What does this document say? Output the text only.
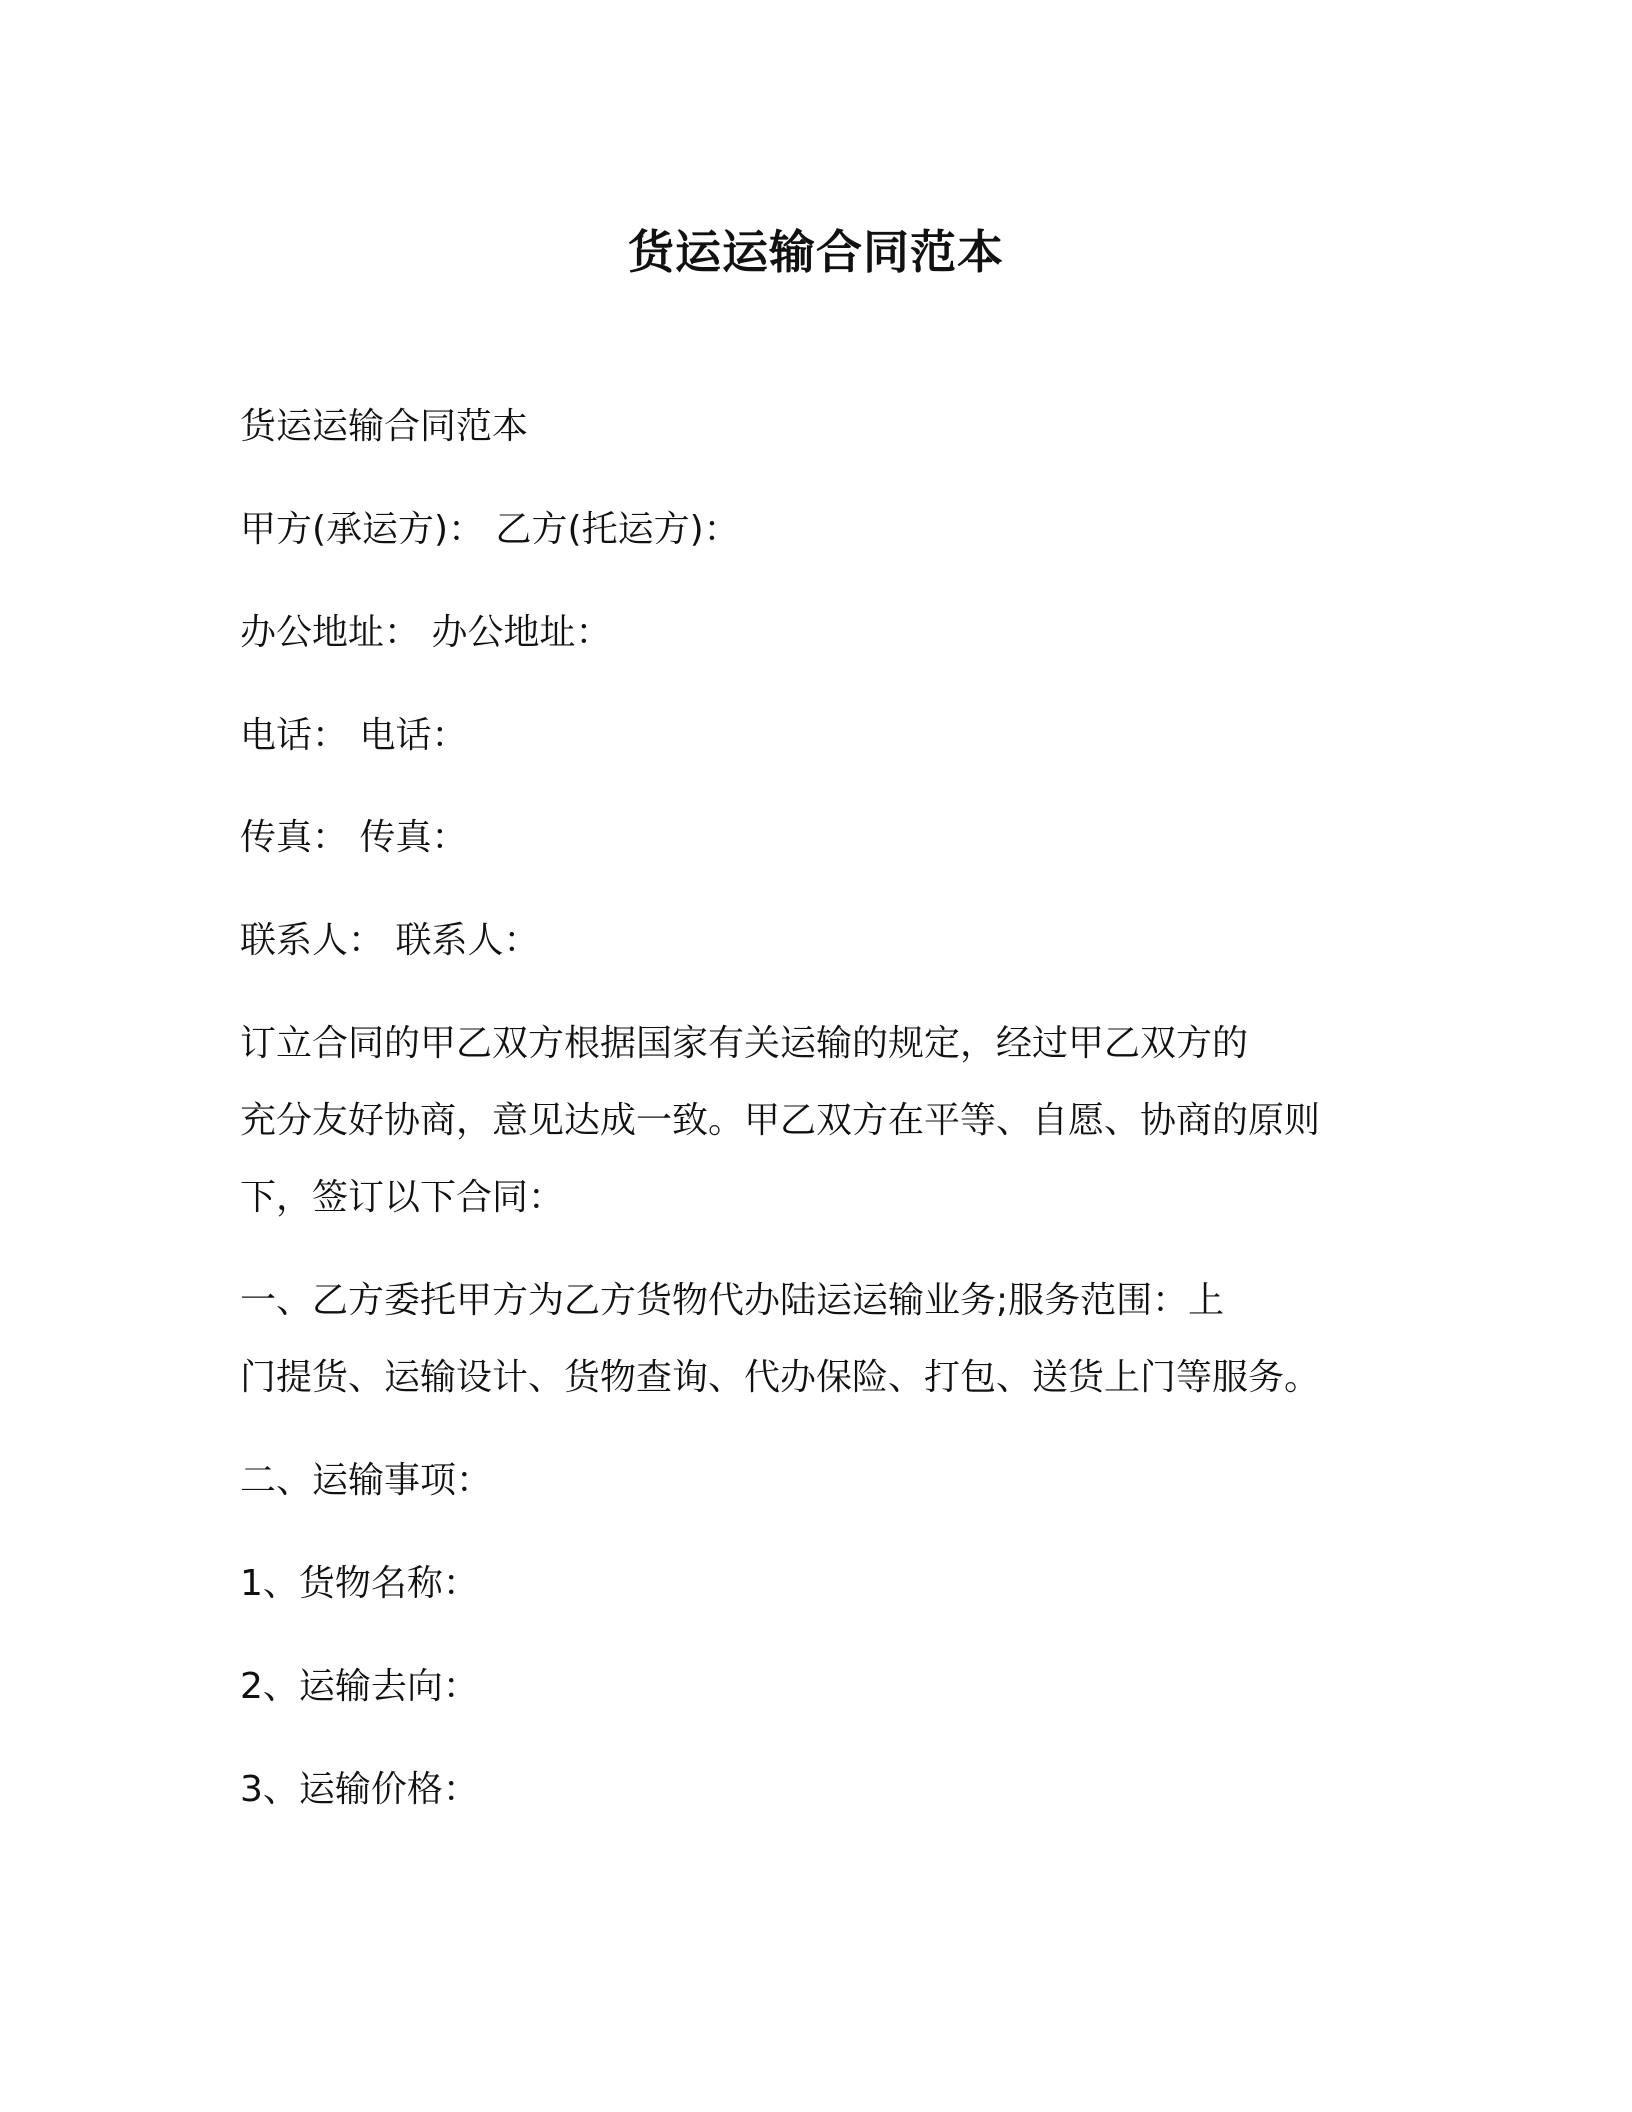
货运运输合同范本

货运运输合同范本

甲方(承运方)： 乙方(托运方)：

办公地址： 办公地址：

电话： 电话：

传真： 传真：

联系人： 联系人：

订立合同的甲乙双方根据国家有关运输的规定，经过甲乙双方的

充分友好协商，意见达成一致。甲乙双方在平等、自愿、协商的原则

下，签订以下合同：

一、乙方委托甲方为乙方货物代办陆运运输业务;服务范围：上

门提货、运输设计、货物查询、代办保险、打包、送货上门等服务。

二、运输事项：

1、货物名称：

2、运输去向：

3、运输价格：
